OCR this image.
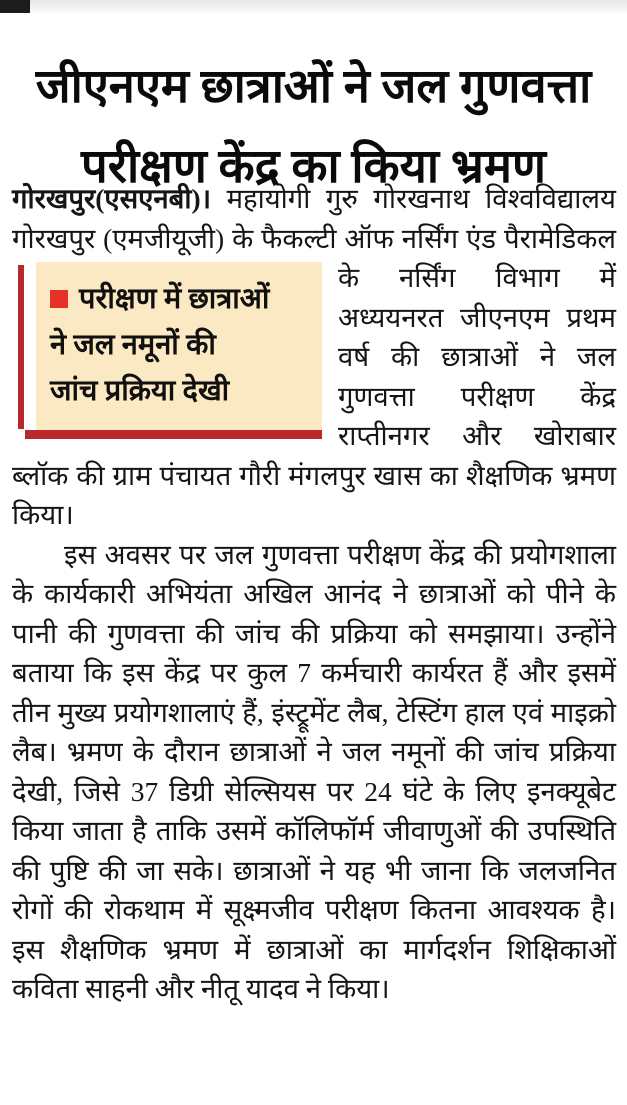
जीएनएम छात्राओं ने जल गुणवत्ता
परीक्षण केंद्र का किया भ्रमण

गोरखपुर(एसएनबी)। महायोगी गुरु गोरखनाथ विश्वविद्यालय गोरखपुर (एमजीयूजी) के फैकल्टी ऑफ
परीक्षण में छात्राओं
ने जल नमूनों की
जांच प्रक्रिया देखी
नर्सिंग एंड पैरामेडिकल के नर्सिंग विभाग में अध्ययनरत जीएनएम प्रथम वर्ष की छात्राओं ने जल गुणवत्ता परीक्षण केंद्र राप्तीनगर और खोराबार ब्लॉक की ग्राम पंचायत गौरी मंगलपुर खास का शैक्षणिक भ्रमण किया।

इस अवसर पर जल गुणवत्ता परीक्षण केंद्र की प्रयोगशाला के कार्यकारी अभियंता अखिल आनंद ने छात्राओं को पीने के पानी की गुणवत्ता की जांच की प्रक्रिया को समझाया। उन्होंने बताया कि इस केंद्र पर कुल 7 कर्मचारी कार्यरत हैं और इसमें तीन मुख्य प्रयोगशालाएं हैं, इंस्ट्रूमेंट लैब, टेस्टिंग हाल एवं माइक्रो लैब। भ्रमण के दौरान छात्राओं ने जल नमूनों की जांच प्रक्रिया देखी, जिसे 37 डिग्री सेल्सियस पर 24 घंटे के लिए इनक्यूबेट किया जाता है ताकि उसमें कॉलिफॉर्म जीवाणुओं की उपस्थिति की पुष्टि की जा सके। छात्राओं ने यह भी जाना कि जलजनित रोगों की रोकथाम में सूक्ष्मजीव परीक्षण कितना आवश्यक है। इस शैक्षणिक भ्रमण में छात्राओं का मार्गदर्शन शिक्षिकाओं कविता साहनी और नीतू यादव ने किया।
